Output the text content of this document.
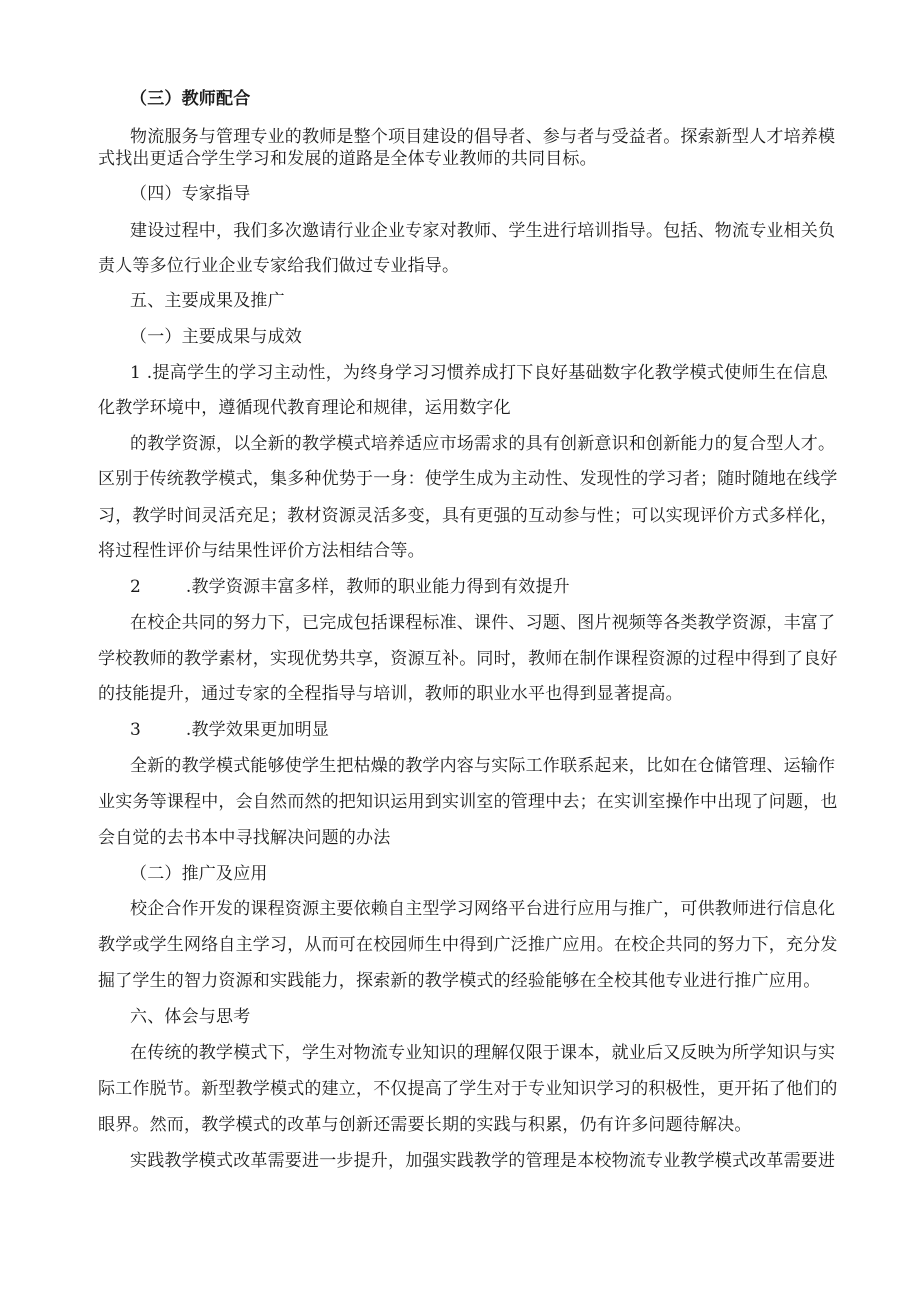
（三）教师配合
物流服务与管理专业的教师是整个项目建设的倡导者、参与者与受益者。探索新型人才培养模
式找出更适合学生学习和发展的道路是全体专业教师的共同目标。
（四）专家指导
建设过程中，我们多次邀请行业企业专家对教师、学生进行培训指导。包括、物流专业相关负
责人等多位行业企业专家给我们做过专业指导。
五、主要成果及推广
（一）主要成果与成效
1 .提高学生的学习主动性，为终身学习习惯养成打下良好基础数字化教学模式使师生在信息
化教学环境中，遵循现代教育理论和规律，运用数字化
的教学资源，以全新的教学模式培养适应市场需求的具有创新意识和创新能力的复合型人才。
区别于传统教学模式，集多种优势于一身：使学生成为主动性、发现性的学习者；随时随地在线学
习，教学时间灵活充足；教材资源灵活多变，具有更强的互动参与性；可以实现评价方式多样化，
将过程性评价与结果性评价方法相结合等。
2        .教学资源丰富多样，教师的职业能力得到有效提升
在校企共同的努力下，已完成包括课程标准、课件、习题、图片视频等各类教学资源，丰富了
学校教师的教学素材，实现优势共享，资源互补。同时，教师在制作课程资源的过程中得到了良好
的技能提升，通过专家的全程指导与培训，教师的职业水平也得到显著提高。
3        .教学效果更加明显
全新的教学模式能够使学生把枯燥的教学内容与实际工作联系起来，比如在仓储管理、运输作
业实务等课程中，会自然而然的把知识运用到实训室的管理中去；在实训室操作中出现了问题，也
会自觉的去书本中寻找解决问题的办法
（二）推广及应用
校企合作开发的课程资源主要依赖自主型学习网络平台进行应用与推广，可供教师进行信息化
教学或学生网络自主学习，从而可在校园师生中得到广泛推广应用。在校企共同的努力下，充分发
掘了学生的智力资源和实践能力，探索新的教学模式的经验能够在全校其他专业进行推广应用。
六、体会与思考
在传统的教学模式下，学生对物流专业知识的理解仅限于课本，就业后又反映为所学知识与实
际工作脱节。新型教学模式的建立，不仅提高了学生对于专业知识学习的积极性，更开拓了他们的
眼界。然而，教学模式的改革与创新还需要长期的实践与积累，仍有许多问题待解决。
实践教学模式改革需要进一步提升，加强实践教学的管理是本校物流专业教学模式改革需要进
